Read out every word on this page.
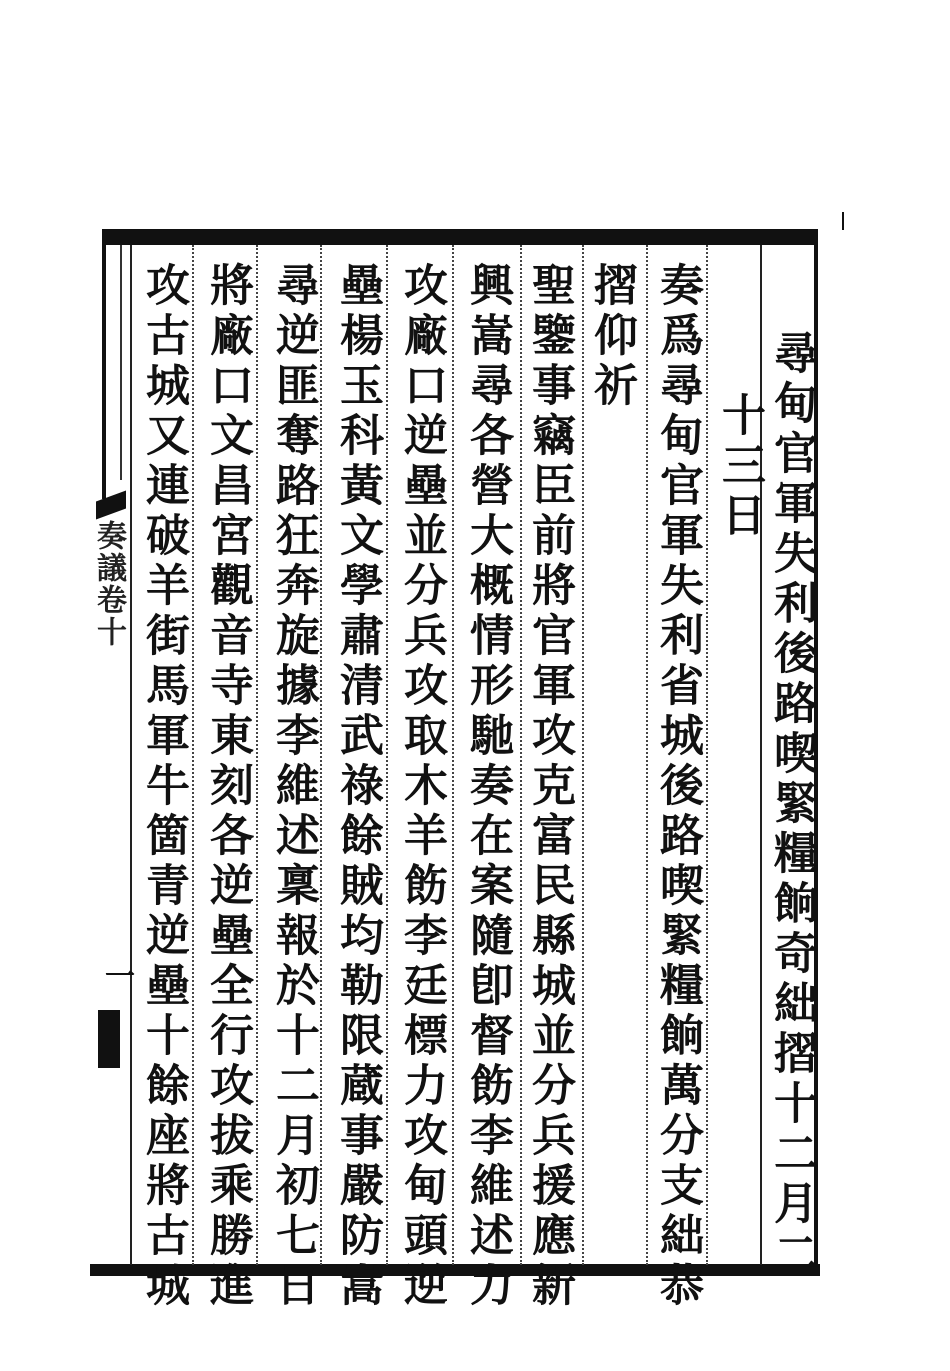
尋甸官軍失利後路喫緊糧餉奇絀摺十二月二
十三日
奏爲尋甸官軍失利省城後路喫緊糧餉萬分支絀恭
摺仰祈
聖鑒事竊臣前將官軍攻克富民縣城並分兵援應新
興嵩尋各營大概情形馳奏在案隨卽督飭李維述力
攻廠口逆壘並分兵攻取木羊飭李廷標力攻甸頭逆
壘楊玉科黃文學肅清武祿餘賊均勒限蔵事嚴防嵩
尋逆匪奪路狂奔旋據李維述稟報於十二月初七日
將廠口文昌宮觀音寺東刻各逆壘全行攻拔乘勝進
攻古城又連破羊街馬軍牛箇青逆壘十餘座將古城
奏議卷十
一
